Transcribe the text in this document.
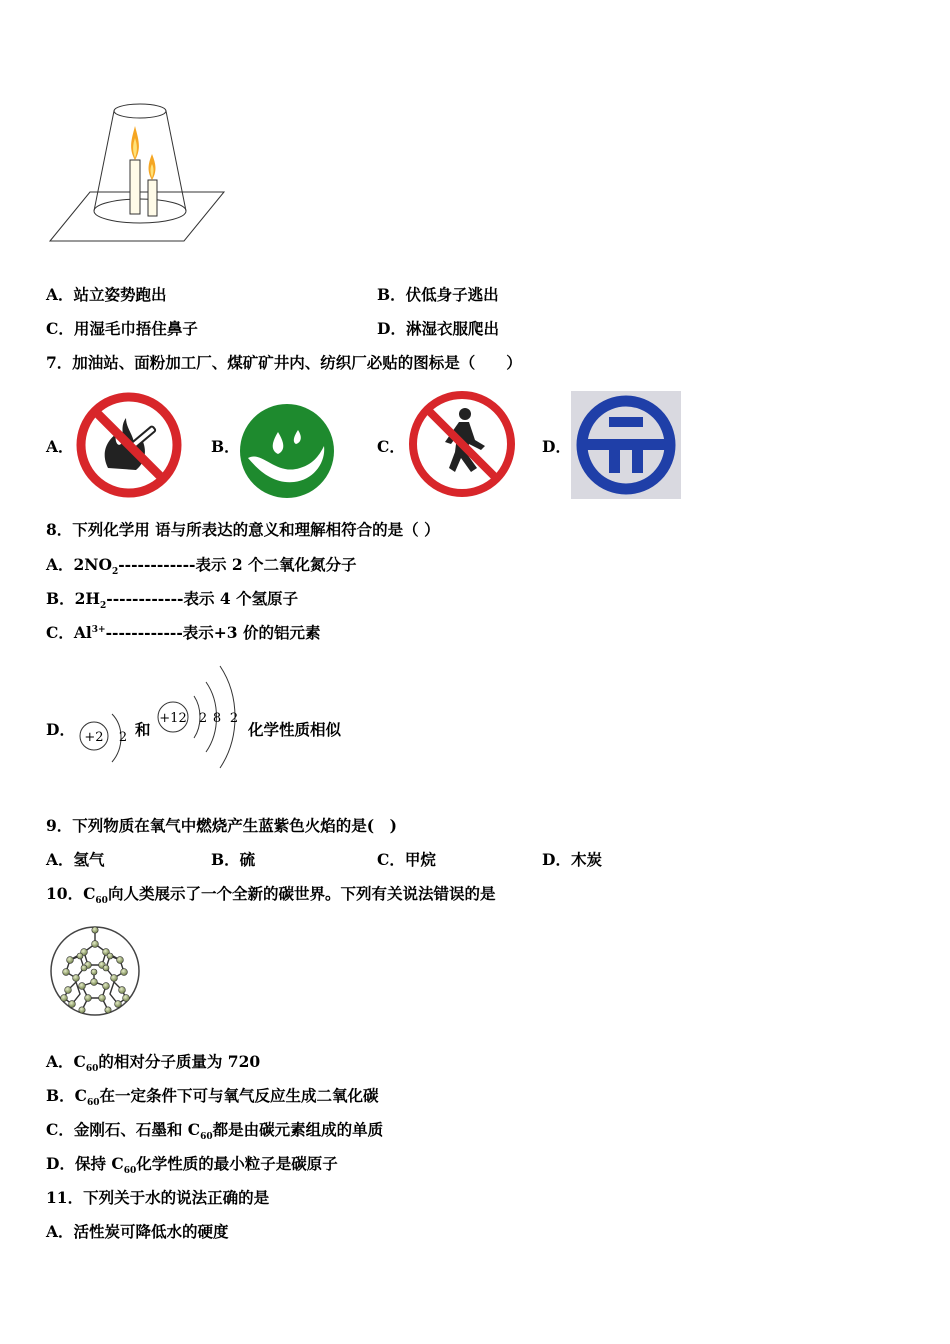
A．站立姿势跑出	B．伏低身子逃出
C．用湿毛巾捂住鼻子	D．淋湿衣服爬出
7．加油站、面粉加工厂、煤矿矿井内、纺织厂必贴的图标是（　　）
A．	B．	C．	D．
8．下列化学用 语与所表达的意义和理解相符合的是（ ）
A．$2NO_2------------$表示 2 个二氧化氮分子
B．$2H_2------------$表示 4 个氢原子
C．$Al^{3+}------------$表示+3 价的铝元素
D． +2 2 和
+12 2 8 2
化学性质相似
9．下列物质在氧气中燃烧产生蓝紫色火焰的是(　)
A．氢气	B．硫	C．甲烷	D．木炭
10．$C_{60}$向人类展示了一个全新的碳世界。下列有关说法错误的是
A．$C_{60}$的相对分子质量为 720
B．$C_{60}$在一定条件下可与氧气反应生成二氧化碳
C．金刚石、石墨和 $C_{60}$都是由碳元素组成的单质
D．保持 $C_{60}$化学性质的最小粒子是碳原子
11．下列关于水的说法正确的是
A．活性炭可降低水的硬度
